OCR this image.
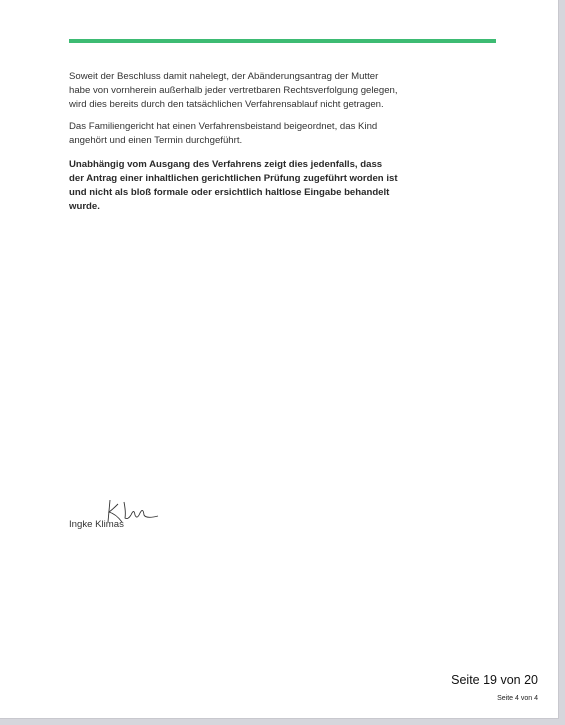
Soweit der Beschluss damit nahelegt, der Abänderungsantrag der Mutter
habe von vornherein außerhalb jeder vertretbaren Rechtsverfolgung gelegen,
wird dies bereits durch den tatsächlichen Verfahrensablauf nicht getragen.

Das Familiengericht hat einen Verfahrensbeistand beigeordnet, das Kind
angehört und einen Termin durchgeführt.

Unabhängig vom Ausgang des Verfahrens zeigt dies jedenfalls, dass
der Antrag einer inhaltlichen gerichtlichen Prüfung zugeführt worden ist
und nicht als bloß formale oder ersichtlich haltlose Eingabe behandelt
wurde.

Ingke Klimas
Seite 19 von 20
Seite 4 von 4
